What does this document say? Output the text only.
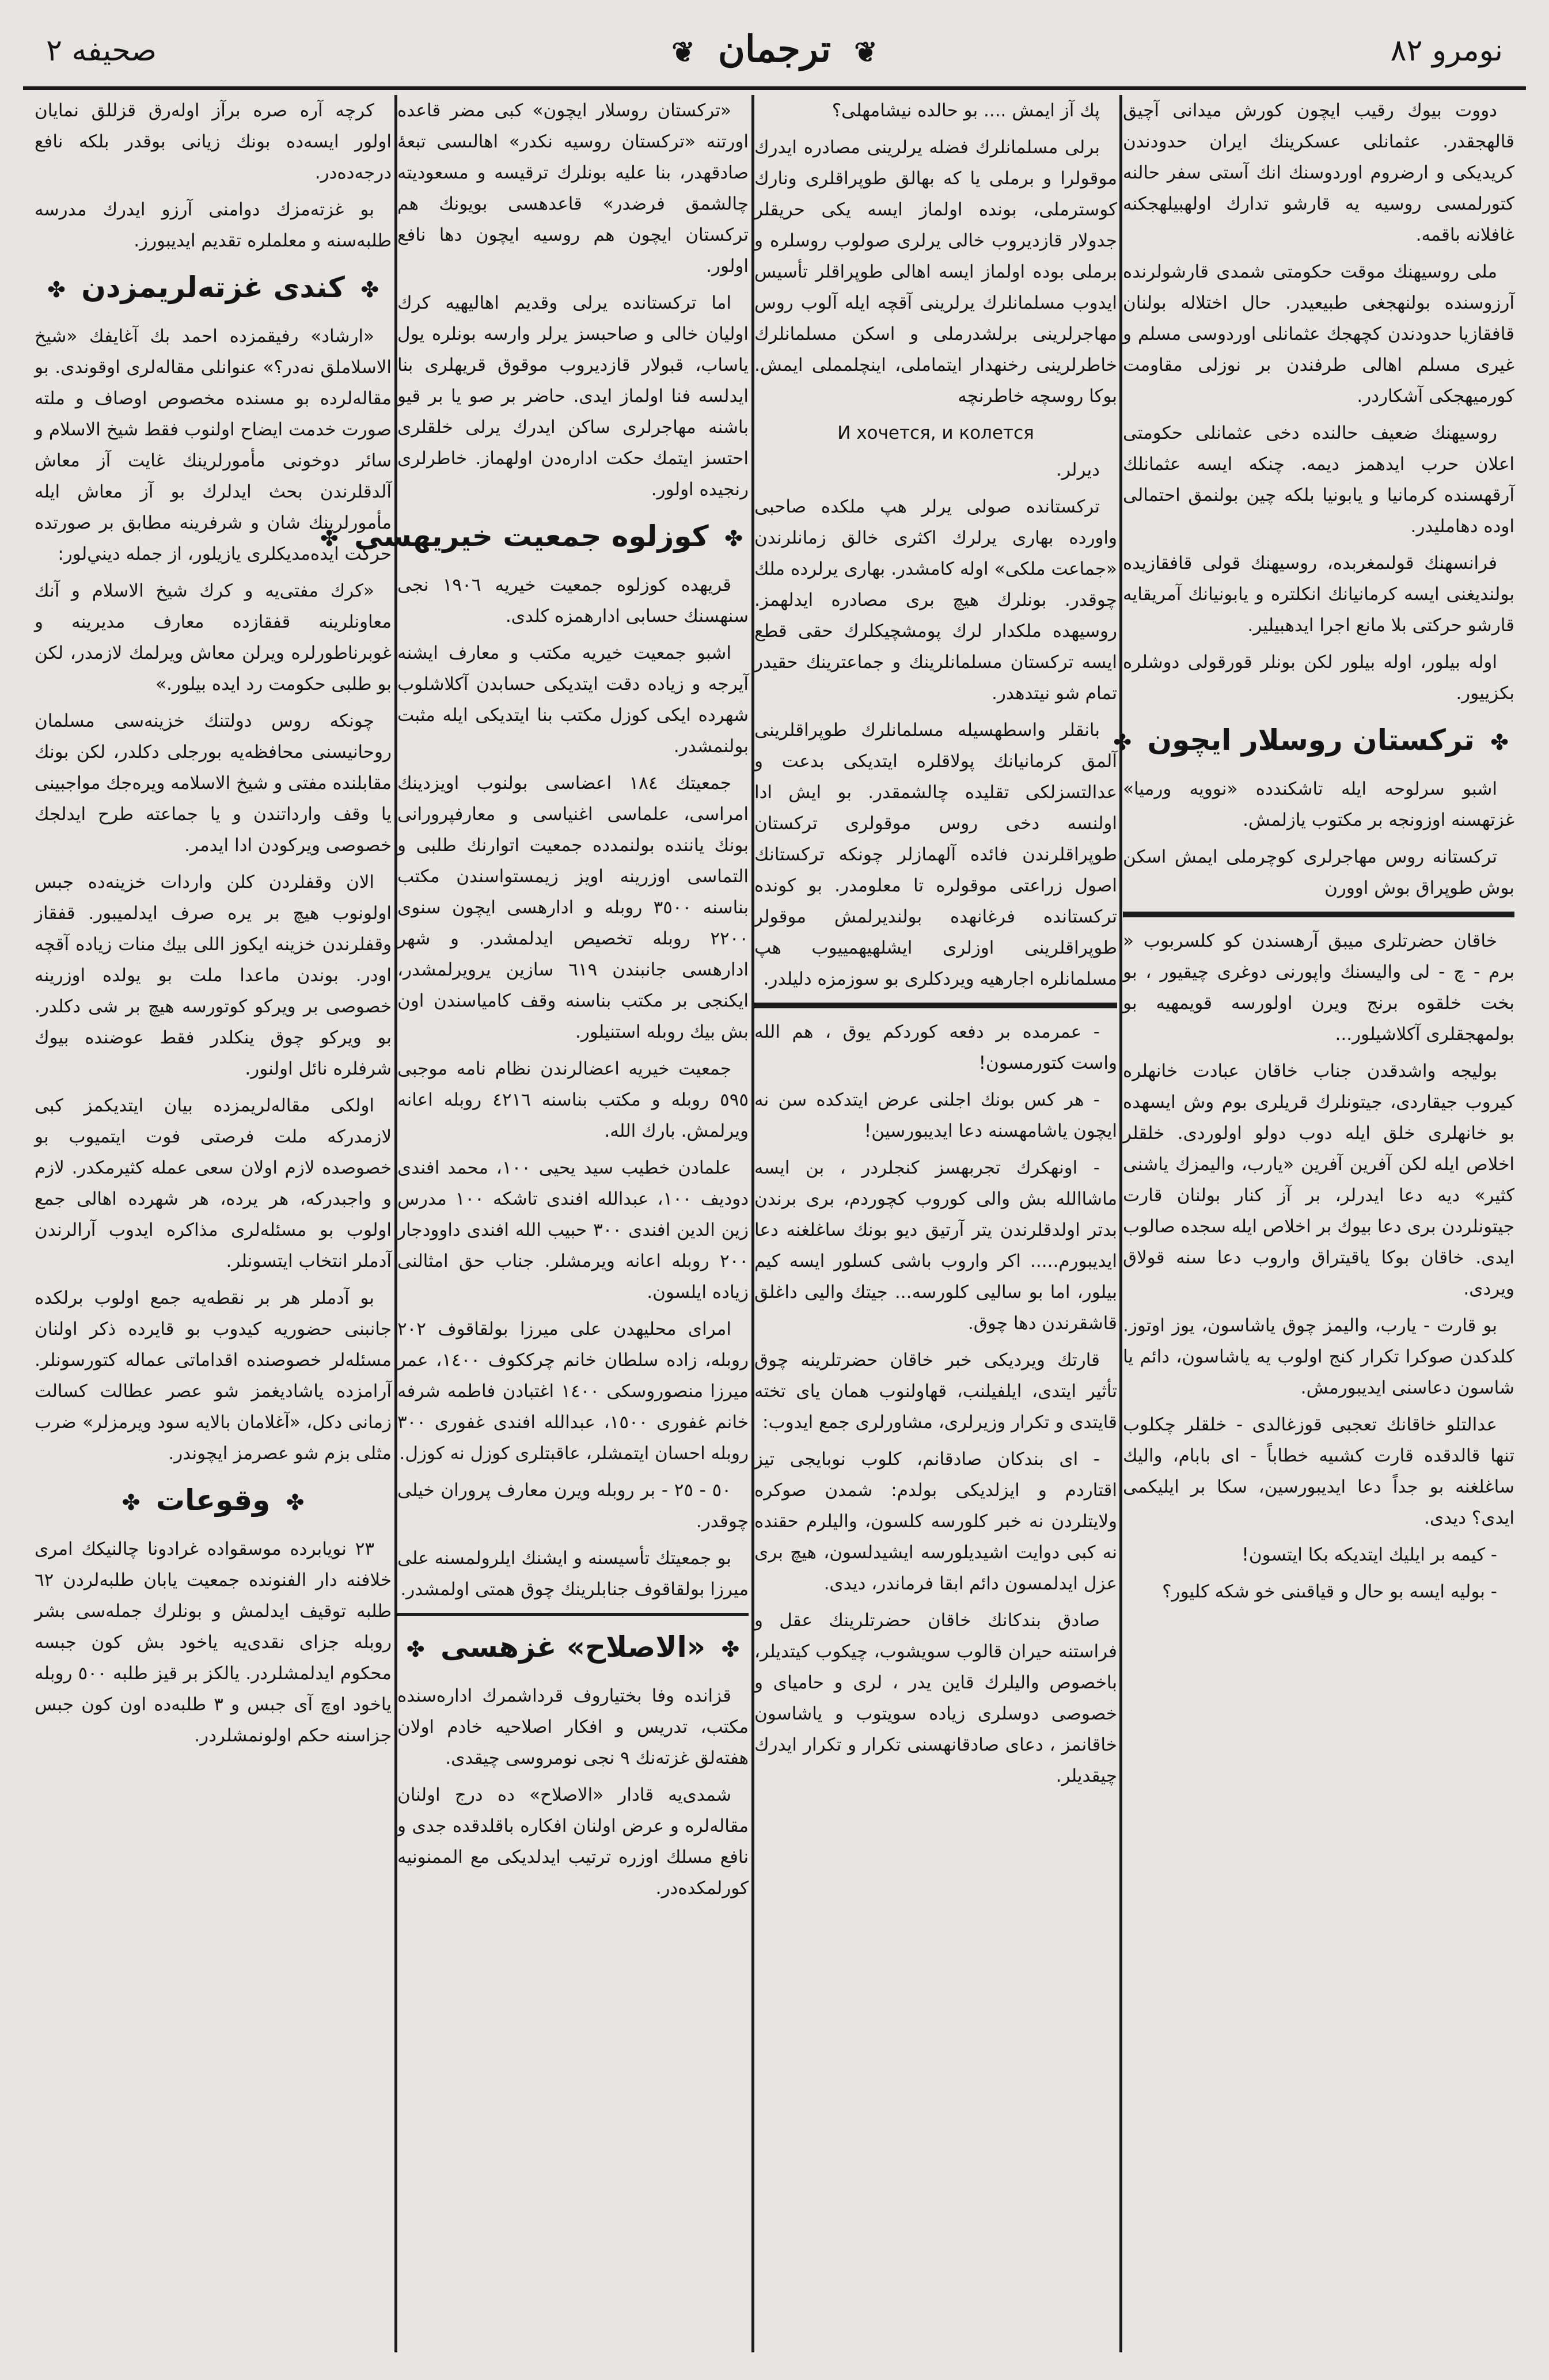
صحيفه ٢	❦ ترجمان ❦	نومرو ٨٢

دووت بيوك رقيب ايچون كورش ميدانى آچيق قالهجقدر. عثمانلى عسكرينك ايران حدودندن كريديكى و ارضروم اوردوسنك انك آستى سفر حالنه كتورلمسى روسيه يه قارشو تدارك اولهبيلهجكنه غافلانه باقمه.

ملى روسيهنك موقت حكومتى شمدى قارشولرنده آرزوسنده بولنهجغى طبيعيدر. حال اختلاله بولنان قافقازيا حدودندن كچهجك عثمانلى اوردوسى مسلم و غيرى مسلم اهالى طرفندن بر نوزلى مقاومت كورميهجكى آشكاردر.

روسيهنك ضعيف حالنده دخى عثمانلى حكومتى اعلان حرب ايدهمز ديمه. چنكه ايسه عثمانلك آرقهسنده كرمانيا و يابونيا بلكه چين بولنمق احتمالى اوده دهامليدر.

فرانسهنك قولىمغربده، روسيهنك قولى قافقازيده بولنديغنى ايسه كرمانيانك انكلتره و يابونيانك آمريقايه قارشو حركتى بلا مانع اجرا ايدهبيلير.

اوله بيلور، اوله بيلور لكن بونلر قورقولى دوشلره بكزييور.

✤ تركستان روسلار ايچون ✤

اشبو سرلوحه ايله تاشكندده «نوويه ورميا» غزتهسنه اوزونجه بر مكتوب يازلمش.

تركستانه روس مهاجرلرى كوچرملى ايمش اسكن بوش طوپراق بوش اوورن

خاقان حضرتلرى ميبق آرهسندن كو كلسربوب « برم - چ - لى واليسنك واپورنى دوغرى چيقيور ، بو بخت خلقوه برنج ويرن اولورسه قويمهيه بو بولمهجقلرى آكلاشيلور...

بوليجه واشدقدن جناب خاقان عبادت خانهلره كيروب جيقاردى، جيتونلرك قريلرى بوم وش ايسهده بو خانهلرى خلق ايله دوب دولو اولوردى. خلقلر اخلاص ايله لكن آفرين آفرين «يارب، واليمزك ياشنى كثير» ديه دعا ايدرلر، بر آز كنار بولنان قارت جيتونلردن برى دعا بيوك بر اخلاص ايله سجده صالوب ايدى. خاقان بوكا ياقيتراق واروب دعا سنه قولاق ويردى.

بو قارت - يارب، واليمز چوق ياشاسون، يوز اوتوز. كلدكدن صوكرا تكرار كنج اولوب يه ياشاسون، دائم يا شاسون دعاسنى ايديبورمش.

عدالتلو خاقانك تعجبى قوزغالدى - خلقلر چكلوب تنها قالدقده قارت كشىيه خطاباً - اى بابام، واليك ساغلغنه بو جداً دعا ايديبورسين، سكا بر ايليكمى ايدى؟ ديدى.

- كيمه بر ايليك ايتديكه بكا ايتسون!

- بوليه ايسه بو حال و قياقىنى خو شكه كليور؟

پك آز ايمش .... بو حالده نيشامهلى؟

برلى مسلمانلرك فضله يرلرينى مصادره ايدرك موقولرا و برملى يا كه بهالق طوپراقلرى ونارك كوسترملى، بونده اولماز ايسه يكى حريقلر جدولار قازديروب خالى يرلرى صولوب روسلره و برملى بوده اولماز ايسه اهالى طوپراقلر تأسيس ايدوب مسلمانلرك يرلرينى آقچه ايله آلوب روس مهاجرلرينى برلشدرملى و اسكن مسلمانلرك خاطرلرينى رخنهدار ايتماملى، اينچلمملى ايمش. بوكا روسچه خاطرنچه

И хочется, и колется

ديرلر.

تركستانده صولى يرلر هپ ملكده صاحبى واورده بهارى يرلرك اكثرى خالق زمانلرندن «جماعت ملكى» اوله كامشدر. بهارى يرلرده ملك چوقدر. بونلرك هيچ برى مصادره ايدلهمز. روسيهده ملكدار لرك پومشچيكلرك حقى قطع ايسه تركستان مسلمانلرينك و جماعترينك حقيدر تمام شو نيتدهدر.

بانقلر واسطهسيله مسلمانلرك طوپراقلرينى آلمق كرمانيانك پولاقلره ايتديكى بدعت و عدالتسزلكى تقليده چالشمقدر. بو ايش ادا اولنسه دخى روس موقولرى تركستان طوپراقلرندن فائده آلهمازلر چونكه تركستانك اصول زراعتى موقولره تا معلومدر. بو كونده تركستانده فرغانهده بولنديرلمش موقولر طوپراقلرينى اوزلرى ايشلهيهمييوب هپ مسلمانلره اجارهيه ويردكلرى بو سوزمزه دليلدر.

- عمرمده بر دفعه كوردكم يوق ، هم الله واست كتورمسون!

- هر كس بونك اجلنى عرض ايتدكده سن نه ايچون ياشامهسنه دعا ايديبورسين!

- اونهكرك تجربهسز كنجلردر ، بن ايسه ماشاالله بش والى كوروب كچوردم، برى برندن بدتر اولدقلرندن يتر آرتيق ديو بونك ساغلغنه دعا ايديبورم..... اكر واروب باشى كسلور ايسه كيم بيلور، اما بو ساليى كلورسه... جيتك واليى داغلق قاشقرندن دها چوق.

قارتك ويرديكى خبر خاقان حضرتلرينه چوق تأثير ايتدى، ايلفيلنب، قهاولنوب همان ياى تخته قايتدى و تكرار وزيرلرى، مشاورلرى جمع ايدوب:

- اى بندكان صادقانم، كلوب نوبايجى تيز اقتاردم و ايزلديكى بولدم: شمدن صوكره ولايتلردن نه خبر كلورسه كلسون، واليلرم حقنده نه كبى دوايت اشيديلورسه ايشيدلسون، هيچ برى عزل ايدلمسون دائم ابقا فرماندر، ديدى.

صادق بندكانك خاقان حضرتلرينك عقل و فراستنه حيران قالوب سويشوب، چيكوب كيتديلر، باخصوص واليلرك قاين يدر ، لرى و حامياى و خصوصى دوسلرى زياده سويتوب و ياشاسون خاقانمز ، دعاى صادقانهسنى تكرار و تكرار ايدرك چيقديلر.

«تركستان روسلار ايچون» كبى مضر قاعده اورتنه «تركستان روسيه نكدر» اهالىسى تبعهٔ صادقهدر، بنا عليه بونلرك ترقيسه و مسعوديته چالشمق فرضدر» قاعدهسى بويونك هم تركستان ايچون هم روسيه ايچون دها نافع اولور.

اما تركستانده يرلى وقديم اهاليهيه كرك اوليان خالى و صاحبسز يرلر وارسه بونلره يول ياساب، قبولار قازديروب موقوق قريهلرى بنا ايدلسه فنا اولماز ايدى. حاضر بر صو يا بر قيو باشنه مهاجرلرى ساكن ايدرك يرلى خلقلرى احتسز ايتمك حكت اداره‌دن اولهماز. خاطرلرى رنجيده اولور.

✤ كوزلوه جمعيت خيريهسى ✤

قريهده كوزلوه جمعيت خيريه ١٩٠٦ نجى سنهسنك حسابى ادارهمزه كلدى.

اشبو جمعيت خيريه مكتب و معارف ايشنه آيرجه و زياده دقت ايتديكى حسابدن آكلاشلوب شهرده ايكى كوزل مكتب بنا ايتديكى ايله مثبت بولنمشدر.

جمعيتك ١٨٤ اعضاسى بولنوب اويزدينك امراسى، علماسى اغنياسى و معارفپرورانى بونك ياننده بولنمدده جمعيت اتوارنك طلبى و التماسى اوزرينه اويز زيمستواسندن مكتب بناسنه ٣٥٠٠ روبله و ادارهسى ايچون سنوى ٢٢٠٠ روبله تخصيص ايدلمشدر. و شهر ادارهسى جانبندن ٦١٩ سازين يرويرلمشدر، ايكنجى بر مكتب بناسنه وقف كامياسندن اون بش بيك روبله استنيلور.

جمعيت خيريه اعضالرندن نظام نامه موجبى ٥٩٥ روبله و مكتب بناسنه ٤٢١٦ روبله اعانه ويرلمش. بارك الله.

علمادن خطيب سيد يحيى ١٠٠، محمد افندى دوديف ١٠٠، عبدالله افندى تاشكه ١٠٠ مدرس زين الدين افندى ٣٠٠ حبيب الله افندى داوودجار ٢٠٠ روبله اعانه ويرمشلر. جناب حق امثالنى زياده ايلسون.

امراى محليهدن على ميرزا بولقاقوف ٢٠٢ روبله، زاده سلطان خانم چرككوف ١٤٠٠، عمر ميرزا منصوروسكى ١٤٠٠ اغتبادن فاطمه شرفه خانم غفورى ١٥٠٠، عبدالله افندى غفورى ٣٠٠ روبله احسان ايتمشلر، عاقبتلرى كوزل نه كوزل.

٥٠ - ٢٥ - بر روبله ويرن معارف پروران خيلى چوقدر.

بو جمعيتك تأسيسنه و ايشنك ايلرولمسنه على ميرزا بولقاقوف جنابلرينك چوق همتى اولمشدر.

✤ «الاصلاح» غزهسى ✤

قزانده وفا بختياروف قرداشمرك اداره‌سنده مكتب، تدريس و افكار اصلاحيه خادم اولان هفته‌لق غزته‌نك ٩ نجى نومروسى چيقدى.

شمدى‌يه قادار «الاصلاح» ده درج اولنان مقاله‌لره و عرض اولنان افكاره باقلدقده جدى و نافع مسلك اوزره ترتيب ايدلديكى مع الممنونيه كورلمكده‌در.

كرچه آره صره برآز اوله‌رق قزللق نمايان اولور ايسه‌ده بونك زيانى بوقدر بلكه نافع درجه‌ده‌در.

بو غزته‌مزك دوامنى آرزو ايدرك مدرسه طلبه‌سنه و معلملره تقديم ايديبورز.

✤ كندى غزته‌لريمزدن ✤

«ارشاد» رفيقمزده احمد بك آغايفك «شيخ الاسلاملق نه‌در؟» عنوانلى مقاله‌لرى اوقوندى. بو مقاله‌لرده بو مسنده مخصوص اوصاف و ملته صورت خدمت ايضاح اولنوب فقط شيخ الاسلام و سائر دوخونى مأمورلرينك غايت آز معاش آلدقلرندن بحث ايدلرك بو آز معاش ايله مأمورلرينك شان و شرفرينه مطابق بر صورتده حركت ايده‌مديكلرى يازيلور، از جمله ديني‌لور:

«كرك مفتى‌يه و كرك شيخ الاسلام و آنك معاونلرينه قفقازده معارف مديرينه و غوبرناطورلره ويرلن معاش ويرلمك لازمدر، لكن بو طلبى حكومت رد ايده بيلور.»

چونكه روس دولتنك خزينه‌سى مسلمان روحانيسنى محافظه‌يه بورجلى دكلدر، لكن بونك مقابلنده مفتى و شيخ الاسلامه ويره‌جك مواجبينى يا وقف وارداتندن و يا جماعته طرح ايدلجك خصوصى ويركودن ادا ايدمر.

الان وقفلردن كلن واردات خزينه‌ده جبس اولونوب هيچ بر يره صرف ايدلميبور. قفقاز وقفلرندن خزينه ايكوز اللى بيك منات زياده آقچه اودر. بوندن ماعدا ملت بو يولده اوزرينه خصوصى بر ويركو كوتورسه هيچ بر شى دكلدر. بو ويركو چوق ينكلدر فقط عوضنده بيوك شرفلره نائل اولنور.

اولكى مقاله‌لريمزده بيان ايتديكمز كبى لازمدركه ملت فرصتى فوت ايتميوب بو خصوصده لازم اولان سعى عمله كثيرمكدر. لازم و واجبدركه، هر يرده، هر شهرده اهالى جمع اولوب بو مسئله‌لرى مذاكره ايدوب آرالرندن آدملر انتخاب ايتسونلر.

بو آدملر هر بر نقطه‌يه جمع اولوب برلكده جانبنى حضوريه كيدوب بو قايرده ذكر اولنان مسئله‌لر خصوصنده اقداماتى عماله كتورسونلر. آرامزده ياشاديغمز شو عصر عطالت كسالت زمانى دكل، «آغلامان بالايه سود ويرمزلر» ضرب مثلى بزم شو عصرمز ايچوندر.

✤ وقوعات ✤

٢٣ نويابرده موسقواده غرادونا چالنيكك امرى خلافنه دار الفنونده جمعيت يابان طلبه‌لردن ٦٢ طلبه توقيف ايدلمش و بونلرك جمله‌سى بشر روبله جزاى نقدى‌يه ياخود بش كون جبسه محكوم ايدلمشلردر. يالكز بر قيز طلبه ٥٠٠ روبله ياخود اوچ آى جبس و ٣ طلبه‌ده اون كون جبس جزاسنه حكم اولونمشلردر.
